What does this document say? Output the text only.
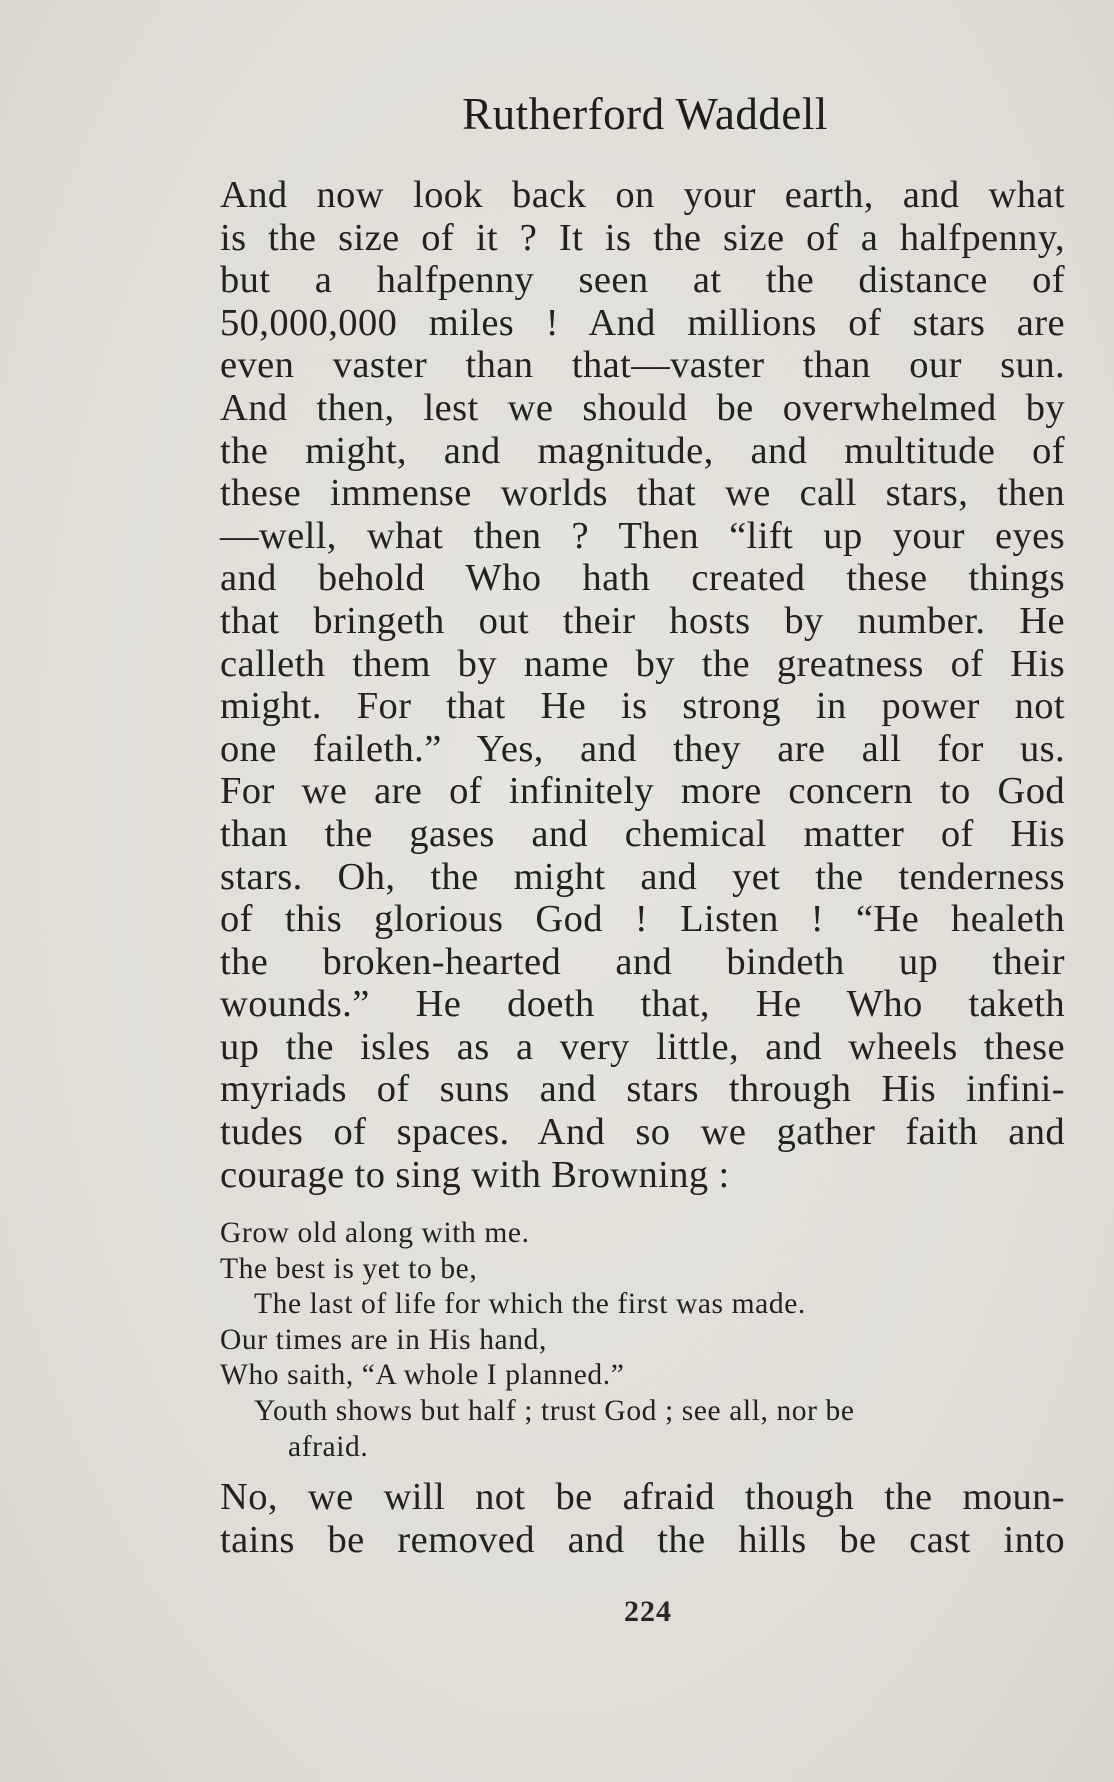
Rutherford Waddell
And now look back on your earth, and what
is the size of it ? It is the size of a halfpenny,
but a halfpenny seen at the distance of
50,000,000 miles ! And millions of stars are
even vaster than that—vaster than our sun.
And then, lest we should be overwhelmed by
the might, and magnitude, and multitude of
these immense worlds that we call stars, then
—well, what then ? Then “lift up your eyes
and behold Who hath created these things
that bringeth out their hosts by number. He
calleth them by name by the greatness of His
might. For that He is strong in power not
one faileth.” Yes, and they are all for us.
For we are of infinitely more concern to God
than the gases and chemical matter of His
stars. Oh, the might and yet the tenderness
of this glorious God ! Listen ! “He healeth
the broken-hearted and bindeth up their
wounds.” He doeth that, He Who taketh
up the isles as a very little, and wheels these
myriads of suns and stars through His infini-
tudes of spaces. And so we gather faith and
courage to sing with Browning :
Grow old along with me.
The best is yet to be,
The last of life for which the first was made.
Our times are in His hand,
Who saith, “A whole I planned.”
Youth shows but half ; trust God ; see all, nor be
afraid.
No, we will not be afraid though the moun-
tains be removed and the hills be cast into
224
